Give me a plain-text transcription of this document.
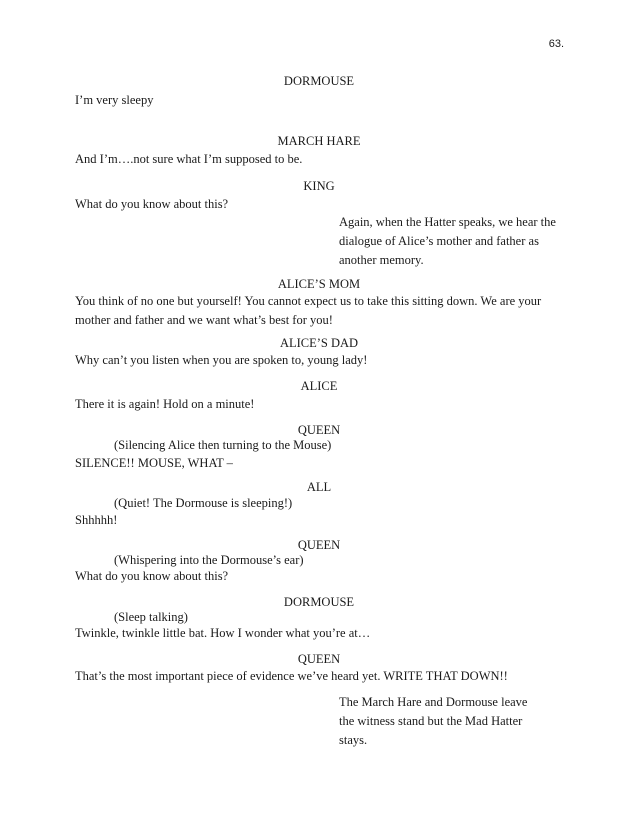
63.
DORMOUSE
I’m very sleepy
MARCH HARE
And I’m….not sure what I’m supposed to be.
KING
What do you know about this?
Again, when the Hatter speaks, we hear the dialogue of Alice’s mother and father as another memory.
ALICE’S MOM
You think of no one but yourself! You cannot expect us to take this sitting down. We are your mother and father and we want what’s best for you!
ALICE’S DAD
Why can’t you listen when you are spoken to, young lady!
ALICE
There it is again! Hold on a minute!
QUEEN
(Silencing Alice then turning to the Mouse)
SILENCE!! MOUSE, WHAT –
ALL
(Quiet! The Dormouse is sleeping!)
Shhhhh!
QUEEN
(Whispering into the Dormouse’s ear)
What do you know about this?
DORMOUSE
(Sleep talking)
Twinkle, twinkle little bat. How I wonder what you’re at…
QUEEN
That’s the most important piece of evidence we’ve heard yet. WRITE THAT DOWN!!
The March Hare and Dormouse leave the witness stand but the Mad Hatter stays.
